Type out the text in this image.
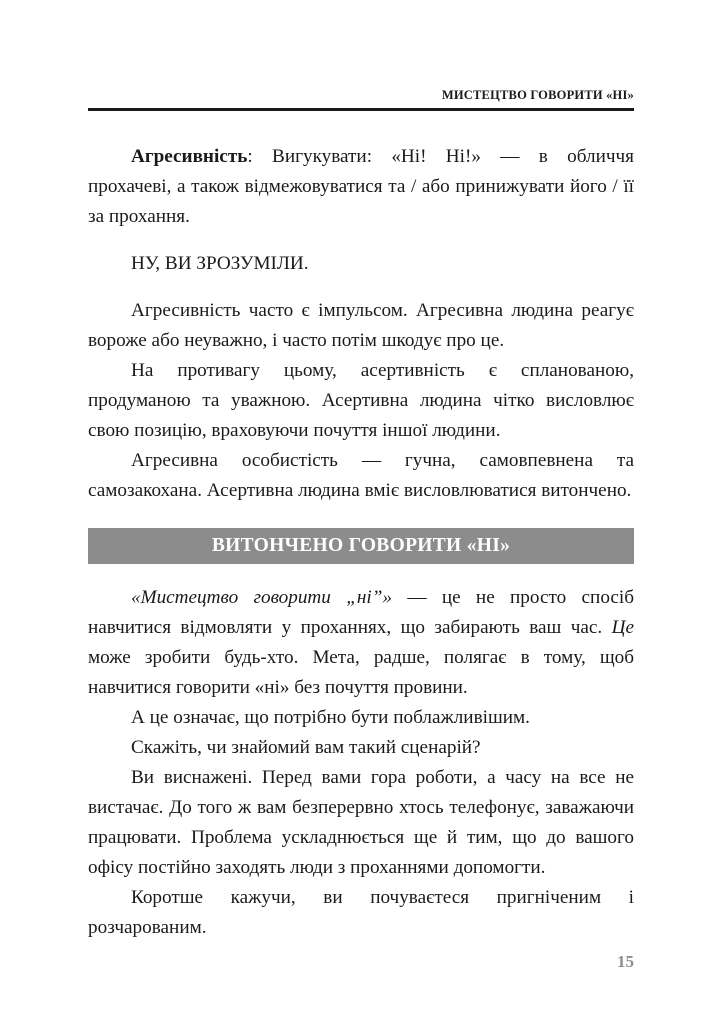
МИСТЕЦТВО ГОВОРИТИ «НІ»

Агресивність: Вигукувати: «Ні! Ні!» — в обличчя прохачеві, а також відмежовуватися та / або принижувати його / її за прохання.

НУ, ВИ ЗРОЗУМІЛИ.

Агресивність часто є імпульсом. Агресивна людина реагує вороже або неуважно, і часто потім шкодує про це.

На противагу цьому, асертивність є спланованою, продуманою та уважною. Асертивна людина чітко висловлює свою позицію, враховуючи почуття іншої людини.

Агресивна особистість — гучна, самовпевнена та самозакохана. Асертивна людина вміє висловлюватися витончено.

ВИТОНЧЕНО ГОВОРИТИ «НІ»

«Мистецтво говорити „ні”» — це не просто спосіб навчитися відмовляти у проханнях, що забирають ваш час. Це може зробити будь-хто. Мета, радше, полягає в тому, щоб навчитися говорити «ні» без почуття провини.

А це означає, що потрібно бути поблажливішим.

Скажіть, чи знайомий вам такий сценарій?

Ви виснажені. Перед вами гора роботи, а часу на все не вистачає. До того ж вам безперервно хтось телефонує, заважаючи працювати. Проблема ускладнюється ще й тим, що до вашого офісу постійно заходять люди з проханнями допомогти.

Коротше кажучи, ви почуваєтеся пригніченим і розчарованим.

15
